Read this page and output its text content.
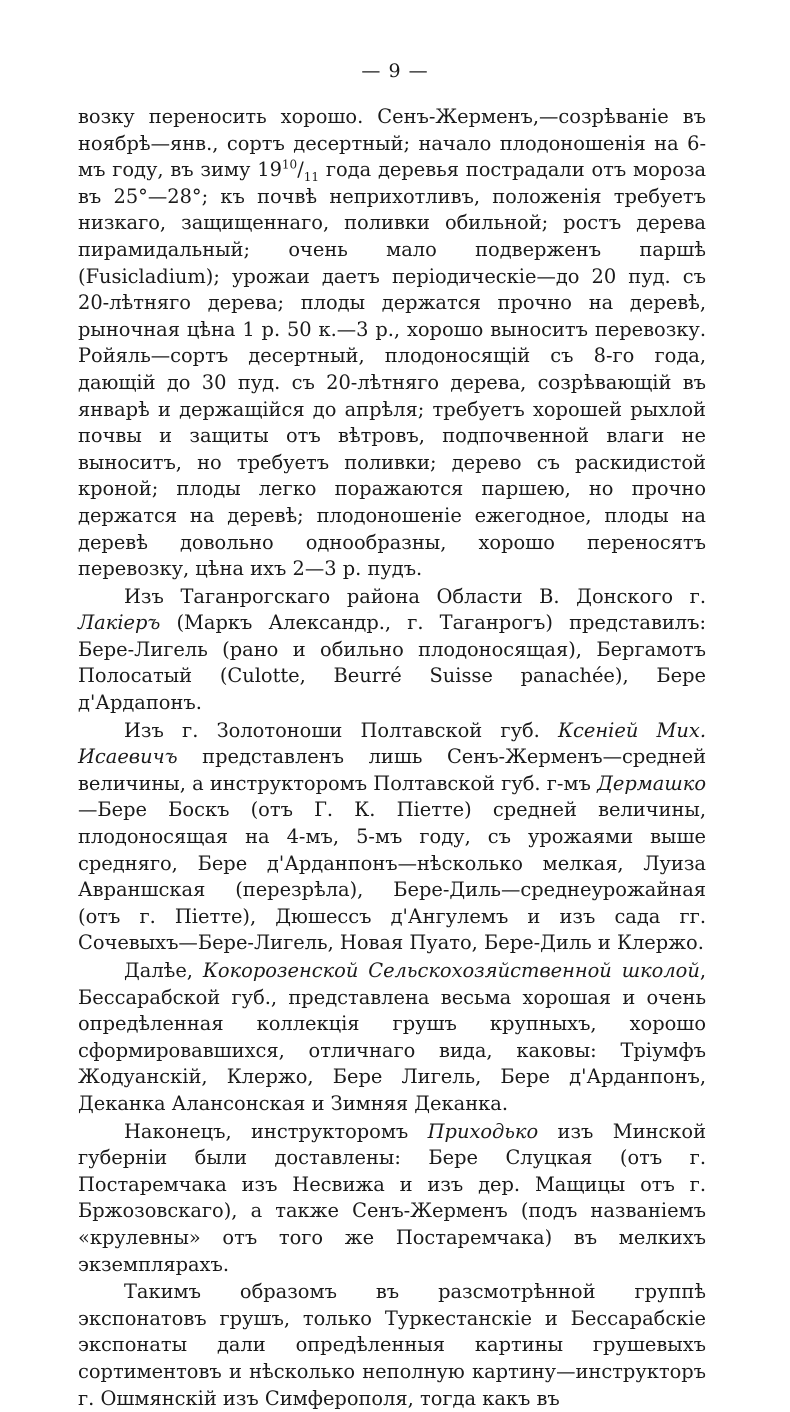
— 9 —

возку переносить хорошо. Сенъ-Жерменъ,—созрѣваніе въ ноябрѣ—янв., сортъ десертный; начало плодоношенія на 6-мъ году, въ зиму $19^{10}/_{11}$ года деревья пострадали отъ мороза въ 25°—28°; къ почвѣ неприхотливъ, положенія требуетъ низкаго, защищеннаго, поливки обильной; ростъ дерева пирамидальный; очень мало подверженъ паршѣ (Fusicladium); урожаи даетъ періодическіе—до 20 пуд. съ 20-лѣтняго дерева; плоды держатся прочно на деревѣ, рыночная цѣна 1 р. 50 к.—3 р., хорошо выноситъ перевозку. Ройяль—сортъ десертный, плодоносящій съ 8-го года, дающій до 30 пуд. съ 20-лѣтняго дерева, созрѣвающій въ январѣ и держащійся до апрѣля; требуетъ хорошей рыхлой почвы и защиты отъ вѣтровъ, подпочвенной влаги не выноситъ, но требуетъ поливки; дерево съ раскидистой кроной; плоды легко поражаются паршею, но прочно держатся на деревѣ; плодоношеніе ежегодное, плоды на деревѣ довольно однообразны, хорошо переносятъ перевозку, цѣна ихъ 2—3 р. пудъ.

Изъ Таганрогскаго района Области В. Донского г. Лакіеръ (Маркъ Александр., г. Таганрогъ) представилъ: Бере-Лигель (рано и обильно плодоносящая), Бергамотъ Полосатый (Culotte, Beurré Suisse panachée), Бере д'Ардапонъ.

Изъ г. Золотоноши Полтавской губ. Ксеніей Мих. Исаевичъ представленъ лишь Сенъ-Жерменъ—средней величины, а инструкторомъ Полтавской губ. г-мъ Дермашко—Бере Боскъ (отъ Г. К. Піетте) средней величины, плодоносящая на 4-мъ, 5-мъ году, съ урожаями выше средняго, Бере д'Арданпонъ—нѣсколько мелкая, Луиза Авраншская (перезрѣла), Бере-Диль—среднеурожайная (отъ г. Піетте), Дюшессъ д'Ангулемъ и изъ сада гг. Сочевыхъ—Бере-Лигель, Новая Пуато, Бере-Диль и Клержо.

Далѣе, Кокорозенской Сельскохозяйственной школой, Бессарабской губ., представлена весьма хорошая и очень опредѣленная коллекція грушъ крупныхъ, хорошо сформировавшихся, отличнаго вида, каковы: Тріумфъ Жодуанскій, Клержо, Бере Лигель, Бере д'Арданпонъ, Деканка Алансонская и Зимняя Деканка.

Наконецъ, инструкторомъ Приходько изъ Минской губерніи были доставлены: Бере Слуцкая (отъ г. Постаремчака изъ Несвижа и изъ дер. Мащицы отъ г. Бржозовскаго), а также Сенъ-Жерменъ (подъ названіемъ «крулевны» отъ того же Постаремчака) въ мелкихъ экземплярахъ.

Такимъ образомъ въ разсмотрѣнной группѣ экспонатовъ грушъ, только Туркестанскіе и Бессарабскіе экспонаты дали опредѣленныя картины грушевыхъ сортиментовъ и нѣсколько неполную картину—инструкторъ г. Ошмянскій изъ Симферополя, тогда какъ въ
